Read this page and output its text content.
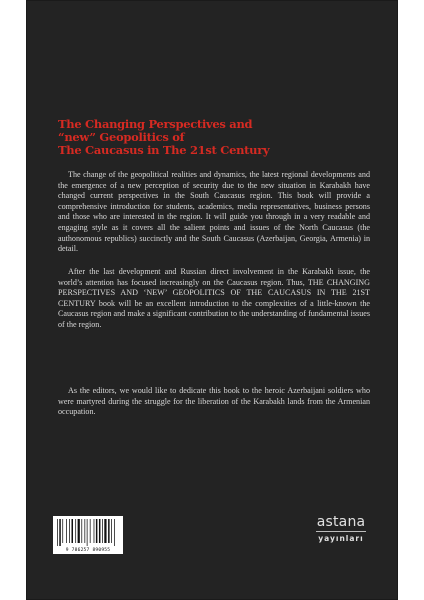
The Changing Perspectives and
“new” Geopolitics of
The Caucasus in The 21st Century

The change of the geopolitical realities and dynamics, the latest regional developments and the emergence of a new perception of security due to the new situation in Karabakh have changed current perspectives in the South Caucasus region. This book will provide a comprehensive introduction for students, academics, media representatives, business persons and those who are interested in the region. It will guide you through in a very readable and engaging style as it covers all the salient points and issues of the North Caucasus (the authonomous republics) succinctly and the South Caucasus (Azerbaijan, Georgia, Armenia) in detail.

After the last development and Russian direct involvement in the Karabakh issue, the world’s attention has focused increasingly on the Caucasus region. Thus, THE CHANGING PERSPECTIVES AND ‘NEW’ GEOPOLITICS OF THE CAUCASUS IN THE 21ST CENTURY book will be an excellent introduction to the complexities of a little-known the Caucasus region and make a significant contribution to the understanding of fundamental issues of the region.

As the editors, we would like to dedicate this book to the heroic Azerbaijani soldiers who were martyred during the struggle for the liberation of the Karabakh lands from the Armenian occupation.

9 786257 890955
astana
yayınları
